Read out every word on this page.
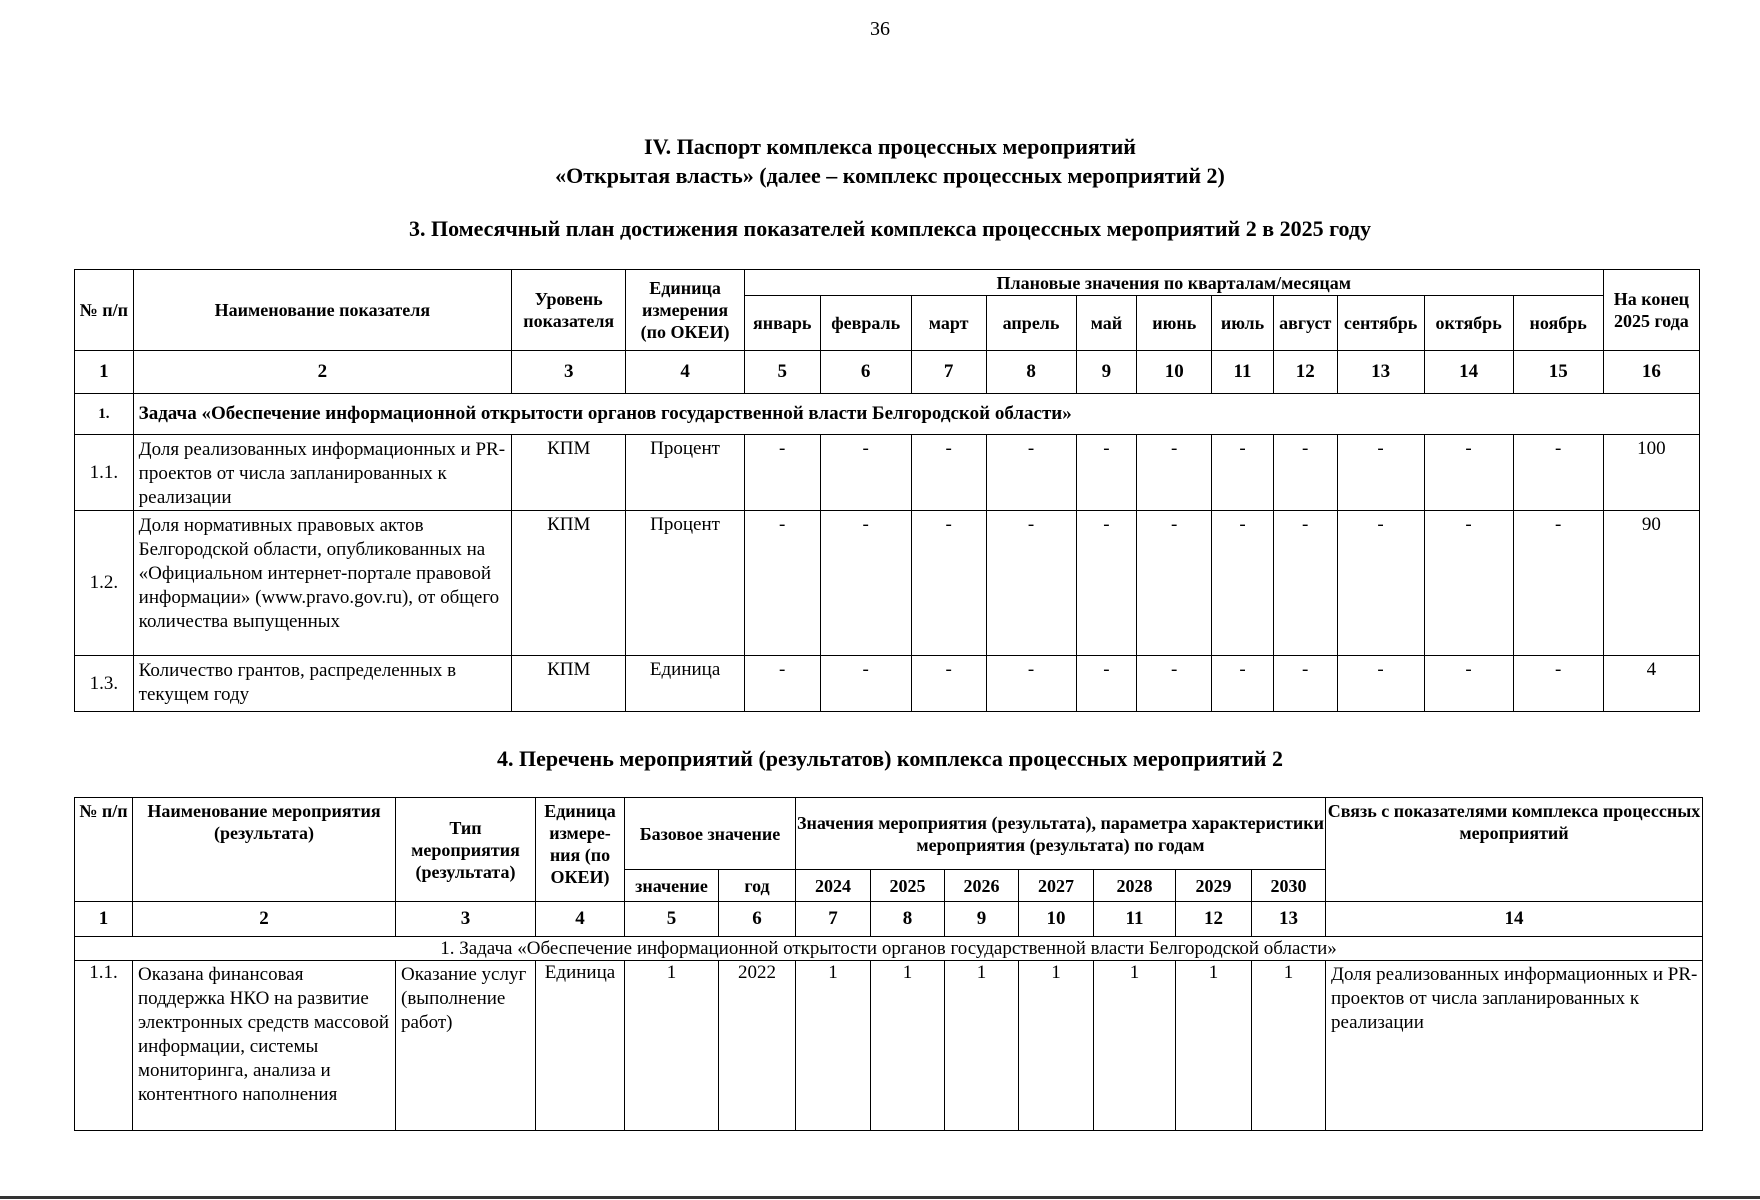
36
IV. Паспорт комплекса процессных мероприятий
«Открытая власть» (далее – комплекс процессных мероприятий 2)
3. Помесячный план достижения показателей комплекса процессных мероприятий 2 в 2025 году
№ п/п	Наименование показателя	Уровень показателя	Единица измерения (по ОКЕИ)	Плановые значения по кварталам/месяцам											На конец 2025 года
				январь	февраль	март	апрель	май	июнь	июль	август	сентябрь	октябрь	ноябрь	
1	2	3	4	5	6	7	8	9	10	11	12	13	14	15	16
1.	Задача «Обеспечение информационной открытости органов государственной власти Белгородской области»														
1.1.	Доля реализованных информационных и PR-проектов от числа запланированных к реализации	КПМ	Процент	-	-	-	-	-	-	-	-	-	-	-	100
1.2.	Доля нормативных правовых актов Белгородской области, опубликованных на «Официальном интернет-портале правовой информации» (www.pravo.gov.ru), от общего количества выпущенных	КПМ	Процент	-	-	-	-	-	-	-	-	-	-	-	90
1.3.	Количество грантов, распределенных в текущем году	КПМ	Единица	-	-	-	-	-	-	-	-	-	-	-	4
4. Перечень мероприятий (результатов) комплекса процессных мероприятий 2
№ п/п	Наименование мероприятия (результата)	Тип мероприятия (результата)	Единица измере-ния (по ОКЕИ)	Базовое значение		Значения мероприятия (результата), параметра характеристики мероприятия (результата) по годам							Связь с показателями комплекса процессных мероприятий
				значение	год	2024	2025	2026	2027	2028	2029	2030	
1	2	3	4	5	6	7	8	9	10	11	12	13	14
1. Задача «Обеспечение информационной открытости органов государственной власти Белгородской области»													
1.1.	Оказана финансовая поддержка НКО на развитие электронных средств массовой информации, системы мониторинга, анализа и контентного наполнения	Оказание услуг (выполнение работ)	Единица	1	2022	1	1	1	1	1	1	1	Доля реализованных информационных и PR-проектов от числа запланированных к реализации
